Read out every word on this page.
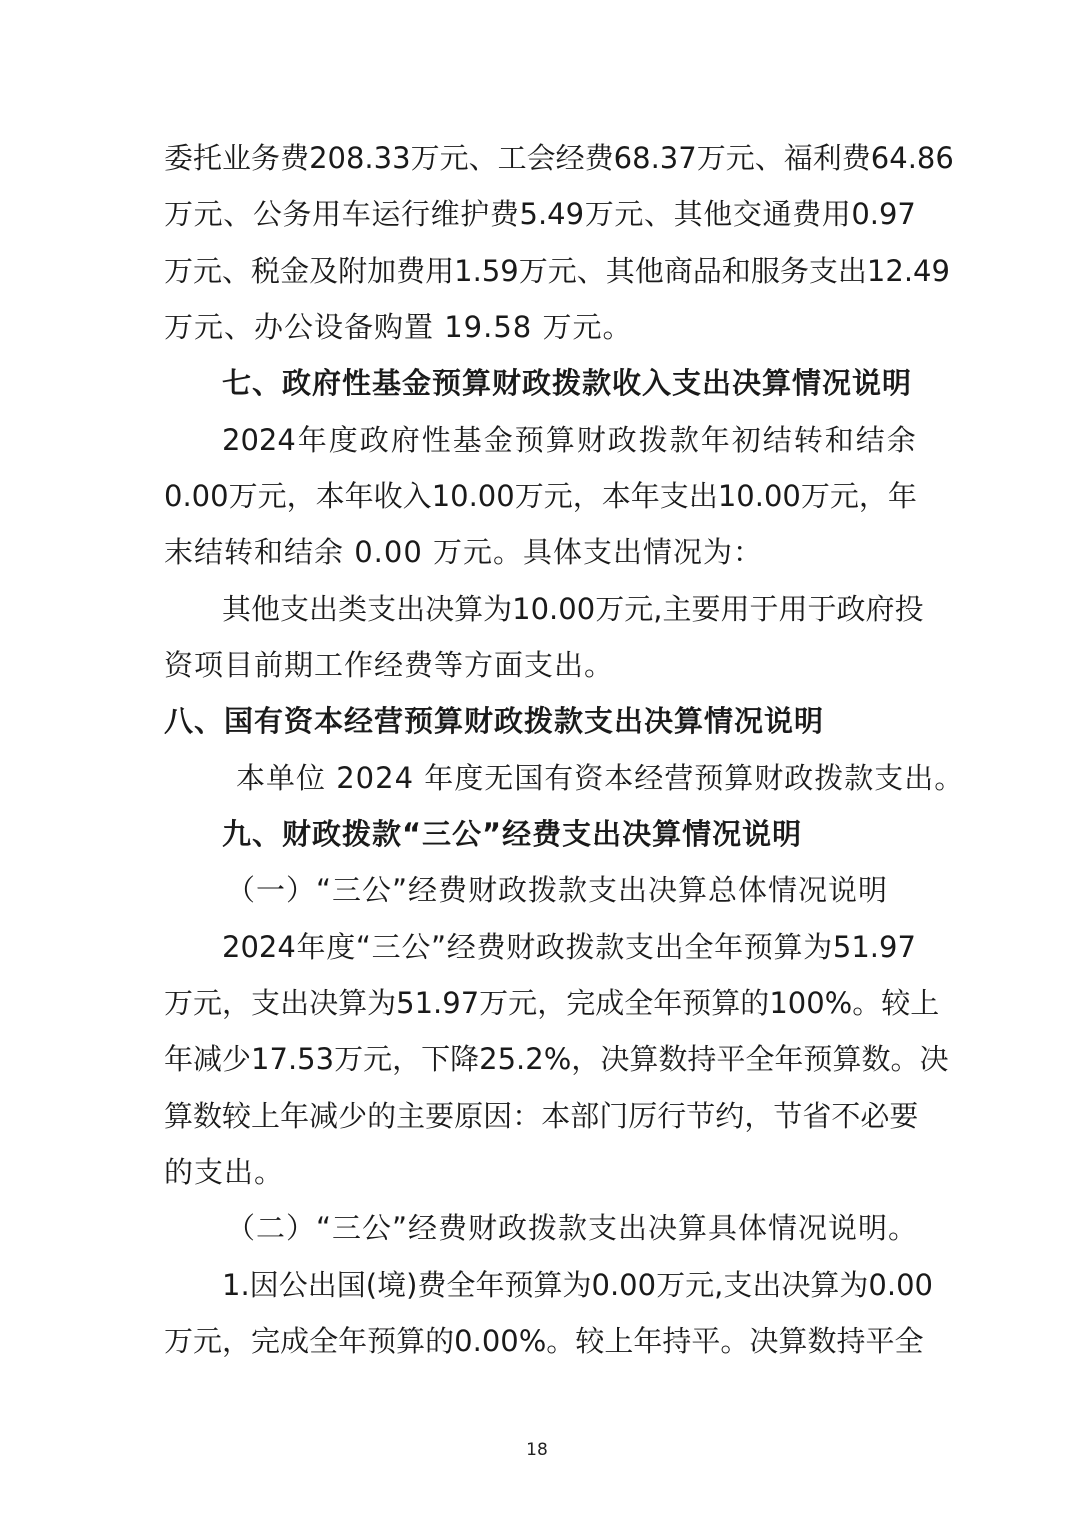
委 托 业 务 费 208.33 万 元 、 工 会 经 费 68.37 万 元 、 福 利 费 64.86
万 元 、 公 务 用 车 运 行 维 护 费 5.49 万 元 、 其 他 交 通 费 用 0.97
万 元 、 税 金 及 附 加 费 用 1.59 万 元 、 其 他 商 品 和 服 务 支 出 12.49
万元、办公设备购置 19.58 万元。
七、政府性基金预算财政拨款收入支出决算情况说明
2024 年 度 政 府 性 基 金 预 算 财 政 拨 款 年 初 结 转 和 结 余
0.00 万 元 ， 本 年 收 入 10.00 万 元 ， 本 年 支 出 10.00 万 元 ， 年
末结转和结余 0.00 万元。具体支出情况为：
其 他 支 出 类 支 出 决 算 为 10.00 万 元 , 主 要 用 于 用 于 政 府 投
资项目前期工作经费等方面支出。
八、国有资本经营预算财政拨款支出决算情况说明
本单位 2024 年度无国有资本经营预算财政拨款支出。
九、财政拨款“三公”经费支出决算情况说明
（一）“三公”经费财政拨款支出决算总体情况说明
2024 年 度 “ 三 公 ” 经 费 财 政 拨 款 支 出 全 年 预 算 为 51.97
万 元 ， 支 出 决 算 为 51.97 万 元 ， 完 成 全 年 预 算 的 100% 。 较 上
年 减 少 17.53 万 元 ， 下 降 25.2% ， 决 算 数 持 平 全 年 预 算 数 。 决
算 数 较 上 年 减 少 的 主 要 原 因 ： 本 部 门 厉 行 节 约 ， 节 省 不 必 要
的支出。
（二）“三公”经费财政拨款支出决算具体情况说明。
1. 因 公 出 国 ( 境 ) 费 全 年 预 算 为 0.00 万 元 , 支 出 决 算 为 0.00
万 元 ， 完 成 全 年 预 算 的 0.00% 。 较 上 年 持 平 。 决 算 数 持 平 全
18
